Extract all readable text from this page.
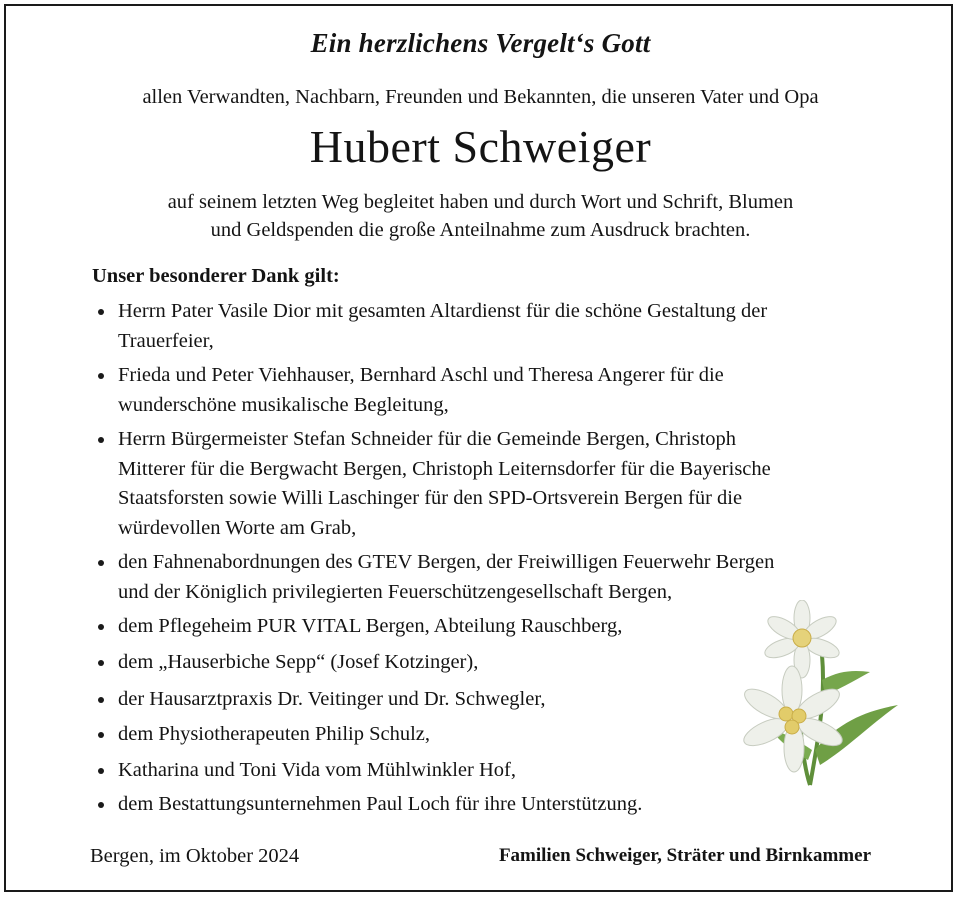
Ein herzlichens Vergelt‘s Gott
allen Verwandten, Nachbarn, Freunden und Bekannten, die unseren Vater und Opa
Hubert Schweiger
auf seinem letzten Weg begleitet haben und durch Wort und Schrift, Blumen
und Geldspenden die große Anteilnahme zum Ausdruck brachten.
Unser besonderer Dank gilt:
Herrn Pater Vasile Dior mit gesamten Altardienst für die schöne Gestaltung der
Trauerfeier,
Frieda und Peter Viehhauser, Bernhard Aschl und Theresa Angerer für die
wunderschöne musikalische Begleitung,
Herrn Bürgermeister Stefan Schneider für die Gemeinde Bergen, Christoph
Mitterer für die Bergwacht Bergen, Christoph Leiternsdorfer für die Bayerische
Staatsforsten sowie Willi Laschinger für den SPD-Ortsverein Bergen für die
würdevollen Worte am Grab,
den Fahnenabordnungen des GTEV Bergen, der Freiwilligen Feuerwehr Bergen
und der Königlich privilegierten Feuerschützengesellschaft Bergen,
dem Pflegeheim PUR VITAL Bergen, Abteilung Rauschberg,
dem „Hauserbiche Sepp“ (Josef Kotzinger),
der Hausarztpraxis Dr. Veitinger und Dr. Schwegler,
dem Physiotherapeuten Philip Schulz,
Katharina und Toni Vida vom Mühlwinkler Hof,
dem Bestattungsunternehmen Paul Loch für ihre Unterstützung.
Bergen, im Oktober 2024	Familien Schweiger, Sträter und Birnkammer
